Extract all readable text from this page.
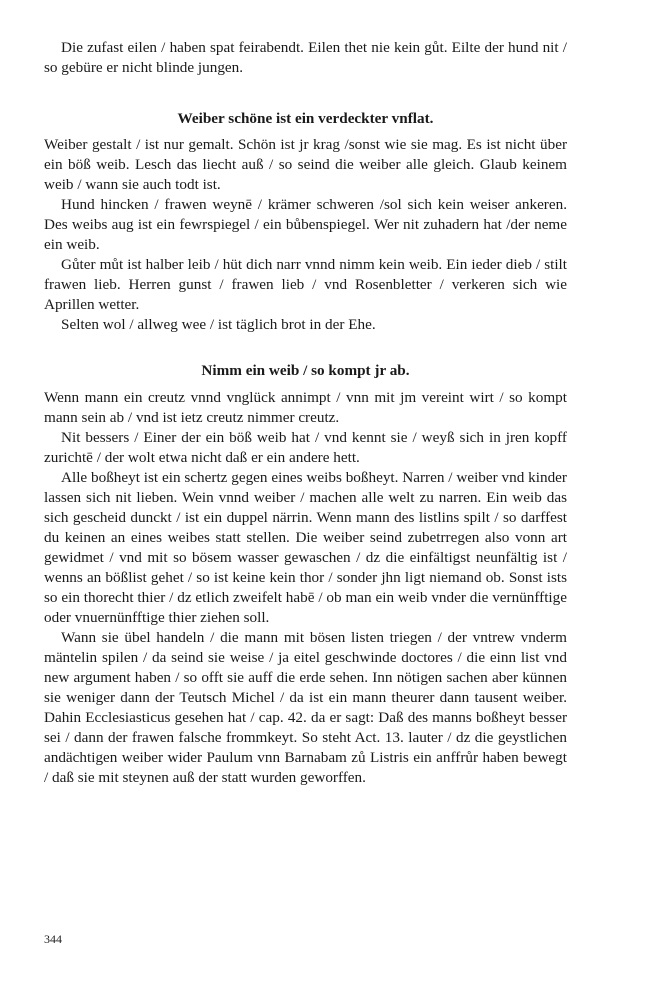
Die zufast eilen / haben spat feirabendt. Eilen thet nie kein gůt. Eilte der hund nit / so gebüre er nicht blinde jungen.

Weiber schöne ist ein verdeckter vnflat.

Weiber gestalt / ist nur gemalt. Schön ist jr krag /sonst wie sie mag. Es ist nicht über ein böß weib. Lesch das liecht auß / so seind die weiber alle gleich. Glaub keinem weib / wann sie auch todt ist.

Hund hincken / frawen weynē / krämer schweren /sol sich kein weiser ankeren. Des weibs aug ist ein fewrspiegel / ein bůbenspiegel. Wer nit zuhadern hat /der neme ein weib.

Gůter můt ist halber leib / hüt dich narr vnnd nimm kein weib. Ein ieder dieb / stilt frawen lieb. Herren gunst / frawen lieb / vnd Rosenbletter / verkeren sich wie Aprillen wetter.

Selten wol / allweg wee / ist täglich brot in der Ehe.

Nimm ein weib / so kompt jr ab.

Wenn mann ein creutz vnnd vnglück annimpt / vnn mit jm vereint wirt / so kompt mann sein ab / vnd ist ietz creutz nimmer creutz.

Nit bessers / Einer der ein böß weib hat / vnd kennt sie / weyß sich in jren kopff zurichtē / der wolt etwa nicht daß er ein andere hett.

Alle boßheyt ist ein schertz gegen eines weibs boßheyt. Narren / weiber vnd kinder lassen sich nit lieben. Wein vnnd weiber / machen alle welt zu narren. Ein weib das sich gescheid dunckt / ist ein duppel närrin. Wenn mann des listlins spilt / so darffest du keinen an eines weibes statt stellen. Die weiber seind zubetrregen also vonn art gewidmet / vnd mit so bösem wasser gewaschen / dz die einfältigst neunfältig ist / wenns an bößlist gehet / so ist keine kein thor / sonder jhn ligt niemand ob. Sonst ists so ein thorecht thier / dz etlich zweifelt habē / ob man ein weib vnder die vernünfftige oder vnuernünfftige thier ziehen soll.

Wann sie übel handeln / die mann mit bösen listen triegen / der vntrew vnderm mäntelin spilen / da seind sie weise / ja eitel geschwinde doctores / die einn list vnd new argument haben / so offt sie auff die erde sehen. Inn nötigen sachen aber künnen sie weniger dann der Teutsch Michel / da ist ein mann theurer dann tausent weiber. Dahin Ecclesiasticus gesehen hat / cap. 42. da er sagt: Daß des manns boßheyt besser sei / dann der frawen falsche frommkeyt. So steht Act. 13. lauter / dz die geystlichen andächtigen weiber wider Paulum vnn Barnabam zů Listris ein anffrůr haben bewegt / daß sie mit steynen auß der statt wurden geworffen.

344
